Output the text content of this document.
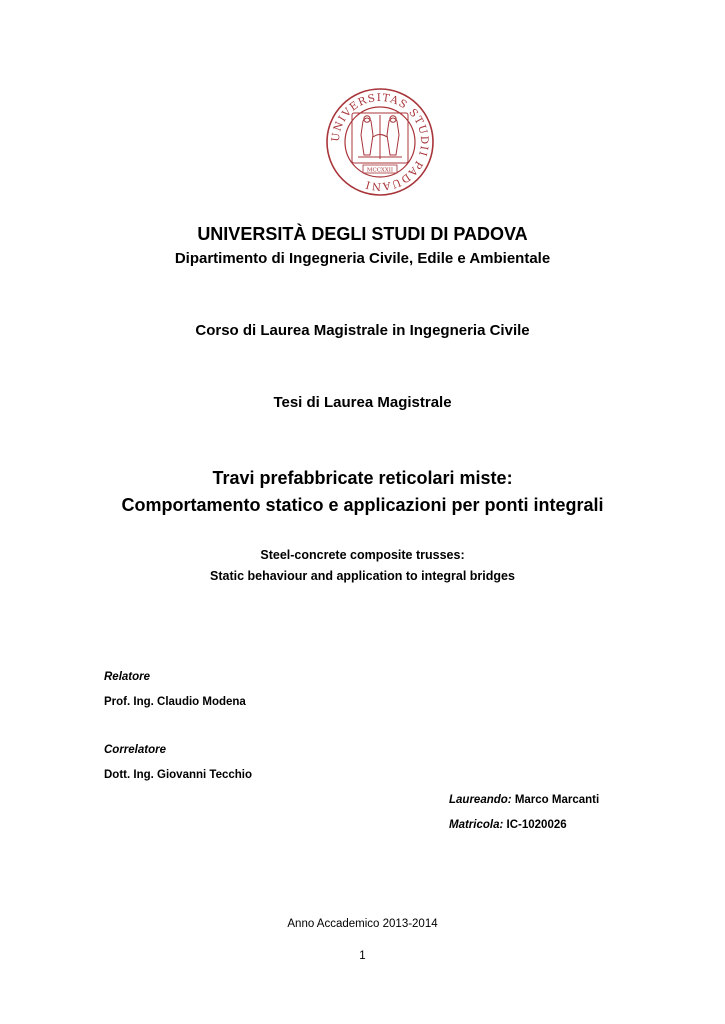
UNIVERSITAS STUDII PADUANI
MCCXXII

UNIVERSITÀ DEGLI STUDI DI PADOVA

Dipartimento di Ingegneria Civile, Edile e Ambientale

Corso di Laurea Magistrale in Ingegneria Civile

Tesi di Laurea Magistrale

Travi prefabbricate reticolari miste:

Comportamento statico e applicazioni per ponti integrali

Steel-concrete composite trusses:

Static behaviour and application to integral bridges

Relatore

Prof. Ing. Claudio Modena

Correlatore

Dott. Ing. Giovanni Tecchio

Laureando: Marco Marcanti

Matricola: IC-1020026

Anno Accademico 2013-2014

1
